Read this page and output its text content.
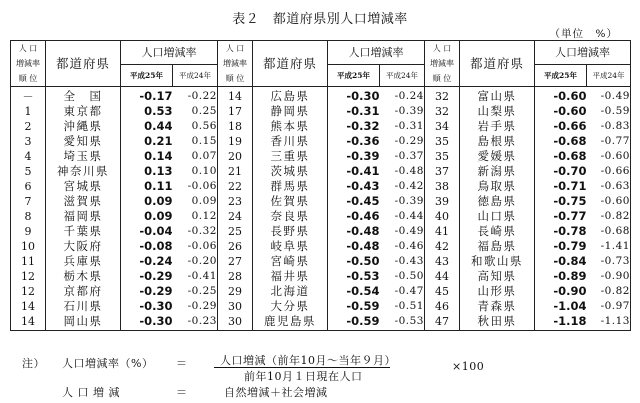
表２　都道府県別人口増減率
（単位　%）
人 口
増減率
順 位	都道府県	人口増減率		人 口
増減率
順 位	都道府県	人口増減率		人 口
増減率
順 位	都道府県	人口増減率	
		平成25年	平成24年			平成25年	平成24年			平成25年	平成24年
－	全　国	-0.17	-0.22	14	広島県	-0.30	-0.24	32	富山県	-0.60	-0.49
1	東京都	0.53	0.25	17	静岡県	-0.31	-0.39	32	山梨県	-0.60	-0.59
2	沖縄県	0.44	0.56	18	熊本県	-0.32	-0.31	34	岩手県	-0.66	-0.83
3	愛知県	0.21	0.15	19	香川県	-0.36	-0.29	35	島根県	-0.68	-0.77
4	埼玉県	0.14	0.07	20	三重県	-0.39	-0.37	35	愛媛県	-0.68	-0.60
5	神奈川県	0.13	0.10	21	茨城県	-0.41	-0.48	37	新潟県	-0.70	-0.66
6	宮城県	0.11	-0.06	22	群馬県	-0.43	-0.42	38	鳥取県	-0.71	-0.63
7	滋賀県	0.09	0.09	23	佐賀県	-0.45	-0.39	39	徳島県	-0.75	-0.60
8	福岡県	0.09	0.12	24	奈良県	-0.46	-0.44	40	山口県	-0.77	-0.82
9	千葉県	-0.04	-0.32	25	長野県	-0.48	-0.49	41	長崎県	-0.78	-0.68
10	大阪府	-0.08	-0.06	26	岐阜県	-0.48	-0.46	42	福島県	-0.79	-1.41
11	兵庫県	-0.24	-0.20	27	宮崎県	-0.50	-0.43	43	和歌山県	-0.84	-0.73
12	栃木県	-0.29	-0.41	28	福井県	-0.53	-0.50	44	高知県	-0.89	-0.90
12	京都府	-0.29	-0.25	29	北海道	-0.54	-0.47	45	山形県	-0.90	-0.82
14	石川県	-0.30	-0.29	30	大分県	-0.59	-0.51	46	青森県	-1.04	-0.97
14	岡山県	-0.30	-0.23	30	鹿児島県	-0.59	-0.53	47	秋田県	-1.18	-1.13
注） 人口増減率（%） ＝	人口増減（前年10月～当年９月）
前年10月１日現在人口
×100
人 口 増 減	＝	自然増減＋社会増減
